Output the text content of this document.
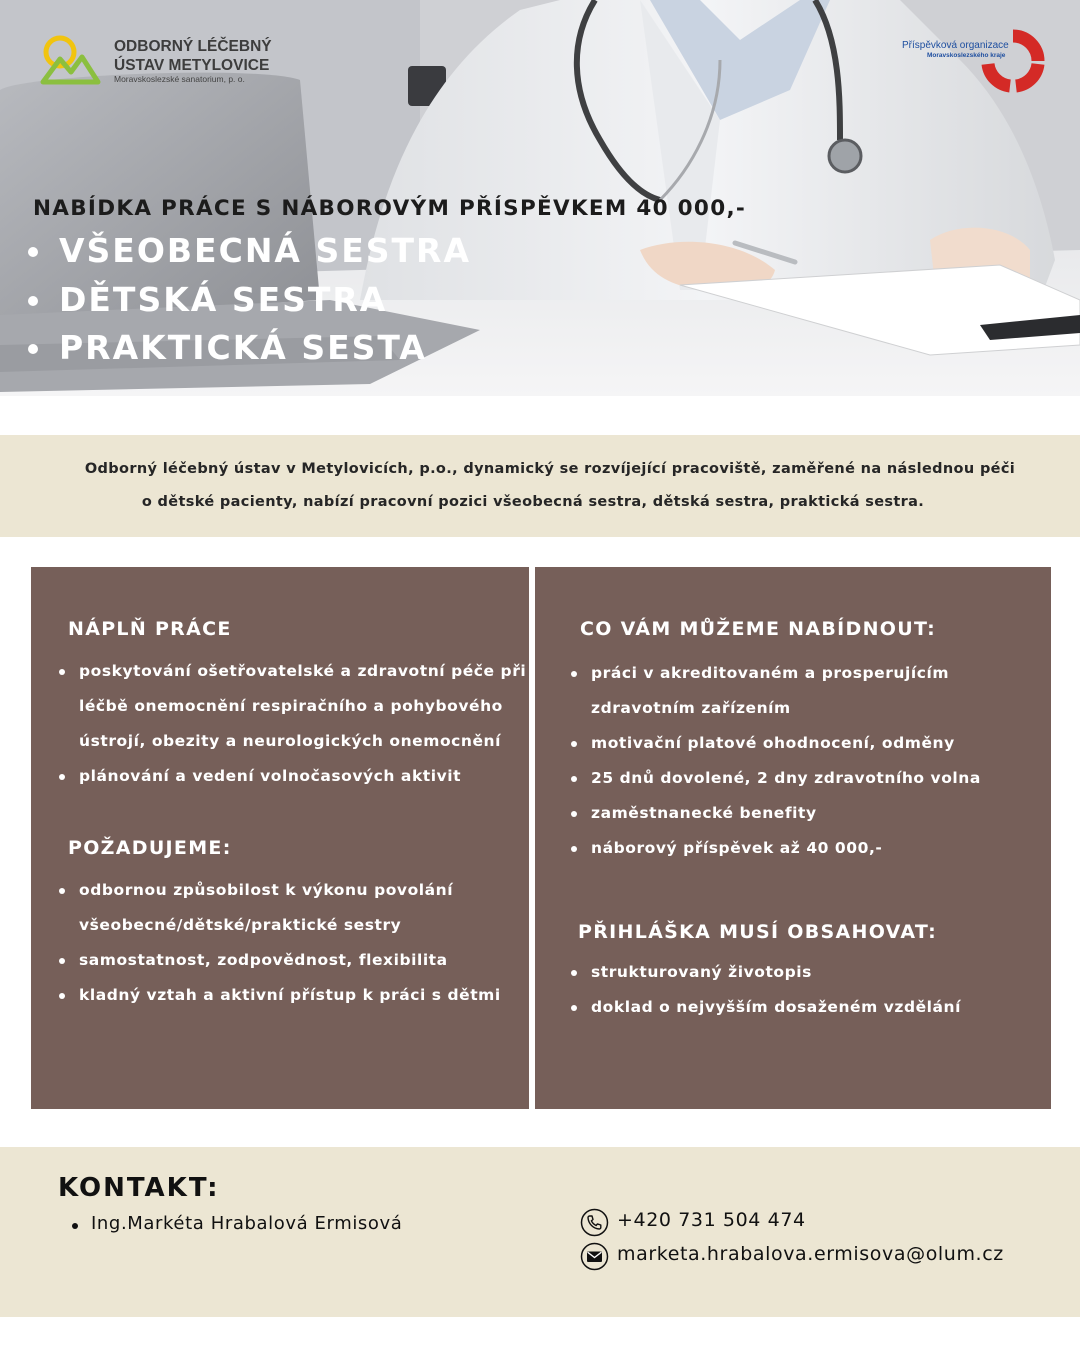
ODBORNÝ LÉČEBNÝ
ÚSTAV METYLOVICE
Moravskoslezské sanatorium, p. o.
Příspěvková organizace
Moravskoslezského kraje
NABÍDKA PRÁCE S NÁBOROVÝM PŘÍSPĚVKEM 40 000,-
VŠEOBECNÁ SESTRA
DĚTSKÁ SESTRA
PRAKTICKÁ SESTA

Odborný léčebný ústav v Metylovicích, p.o., dynamický se rozvíjející pracoviště, zaměřené na následnou péči

o dětské pacienty, nabízí pracovní pozici všeobecná sestra, dětská sestra, praktická sestra.

NÁPLŇ PRÁCE
poskytování ošetřovatelské a zdravotní péče při
léčbě onemocnění respiračního a pohybového
ústrojí, obezity a neurologických onemocnění
plánování a vedení volnočasových aktivit
POŽADUJEME:
odbornou způsobilost k výkonu povolání
všeobecné/dětské/praktické sestry
samostatnost, zodpovědnost, flexibilita
kladný vztah a aktivní přístup k práci s dětmi
CO VÁM MŮŽEME NABÍDNOUT:
práci v akreditovaném a prosperujícím
zdravotním zařízením
motivační platové ohodnocení, odměny
25 dnů dovolené, 2 dny zdravotního volna
zaměstnanecké benefity
náborový příspěvek až 40 000,-
PŘIHLÁŠKA MUSÍ OBSAHOVAT:
strukturovaný životopis
doklad o nejvyšším dosaženém vzdělání
KONTAKT:
Ing.Markéta Hrabalová Ermisová	+420 731 504 474
marketa.hrabalova.ermisova@olum.cz
